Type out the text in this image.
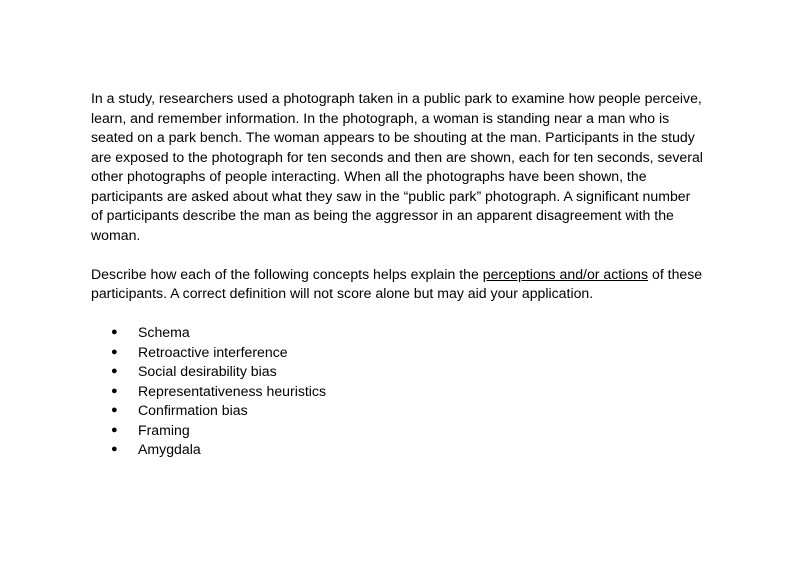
In a study, researchers used a photograph taken in a public park to examine how people perceive, learn, and remember information. In the photograph, a woman is standing near a man who is seated on a park bench. The woman appears to be shouting at the man. Participants in the study are exposed to the photograph for ten seconds and then are shown, each for ten seconds, several other photographs of people interacting. When all the photographs have been shown, the participants are asked about what they saw in the “public park” photograph. A significant number of participants describe the man as being the aggressor in an apparent disagreement with the woman.

Describe how each of the following concepts helps explain the perceptions and/or actions of these participants. A correct definition will not score alone but may aid your application.

● Schema
● Retroactive interference
● Social desirability bias
● Representativeness heuristics
● Confirmation bias
● Framing
● Amygdala
